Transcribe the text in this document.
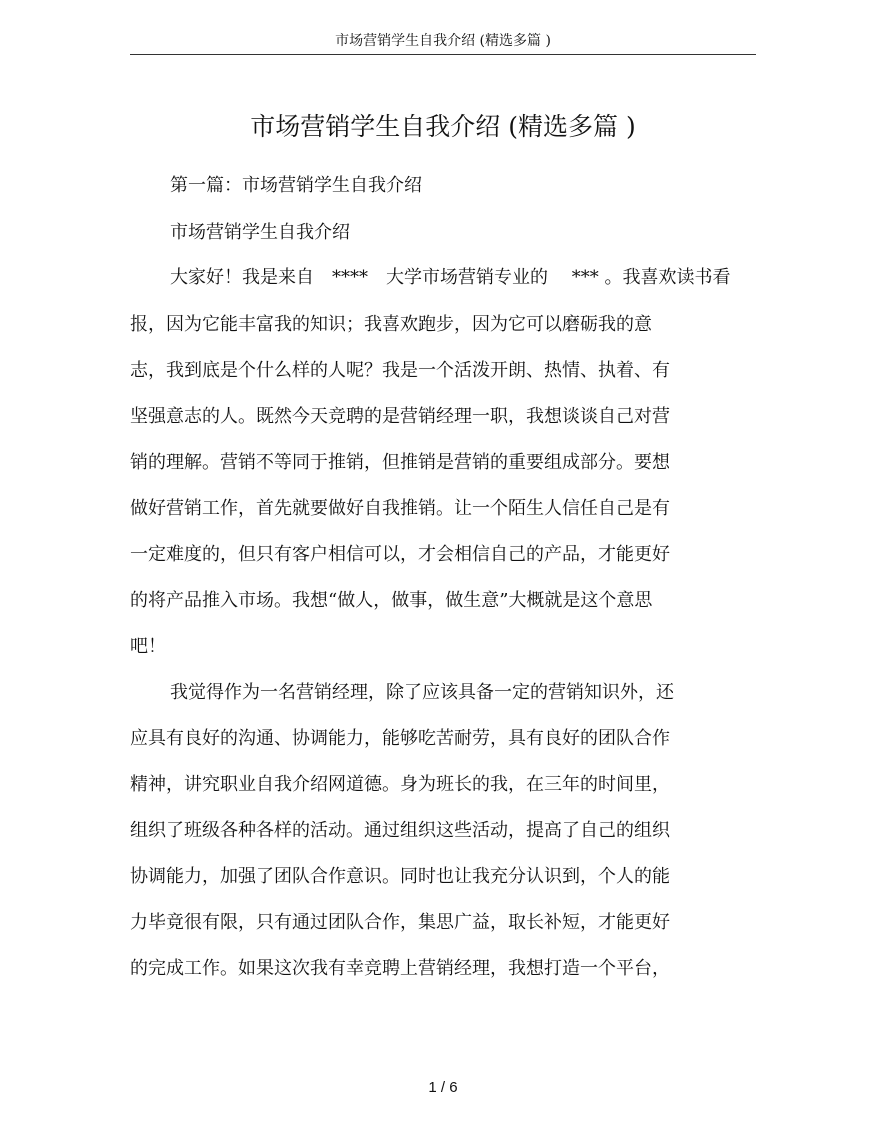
市场营销学生自我介绍 (精选多篇 )
市场营销学生自我介绍 (精选多篇 )
第一篇：市场营销学生自我介绍
市场营销学生自我介绍
大家好！我是来自　****　大学市场营销专业的　 *** 。我喜欢读书看
报，因为它能丰富我的知识；我喜欢跑步，因为它可以磨砺我的意
志，我到底是个什么样的人呢？我是一个活泼开朗、热情、执着、有
坚强意志的人。既然今天竞聘的是营销经理一职，我想谈谈自己对营
销的理解。营销不等同于推销，但推销是营销的重要组成部分。要想
做好营销工作，首先就要做好自我推销。让一个陌生人信任自己是有
一定难度的，但只有客户相信可以，才会相信自己的产品，才能更好
的将产品推入市场。我想“做人，做事，做生意”大概就是这个意思
吧！
我觉得作为一名营销经理，除了应该具备一定的营销知识外，还
应具有良好的沟通、协调能力，能够吃苦耐劳，具有良好的团队合作
精神，讲究职业自我介绍网道德。身为班长的我，在三年的时间里，
组织了班级各种各样的活动。通过组织这些活动，提高了自己的组织
协调能力，加强了团队合作意识。同时也让我充分认识到，个人的能
力毕竟很有限，只有通过团队合作，集思广益，取长补短，才能更好
的完成工作。如果这次我有幸竞聘上营销经理，我想打造一个平台，
1 / 6
